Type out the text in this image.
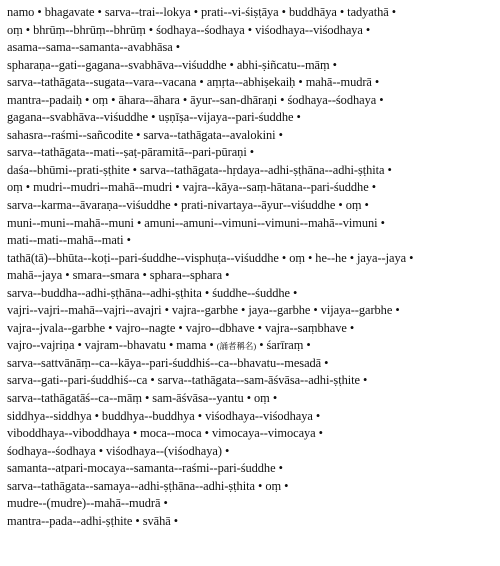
namo • bhagavate • sarva--trai--lokya • prati--vi-śiṣṭāya • buddhāya • tadyathā •
oṃ • bhrūṃ--bhrūṃ--bhrūṃ • śodhaya--śodhaya • viśodhaya--viśodhaya •
asama--sama--samanta--avabhāsa •
spharaṇa--gati--gagana--svabhāva--viśuddhe • abhi-ṣiñcatu--māṃ •
sarva--tathāgata--sugata--vara--vacana • aṃṛta--abhiṣekaiḥ • mahā--mudrā •
mantra--padaiḥ • oṃ • āhara--āhara • āyur--san-dhāraṇi • śodhaya--śodhaya •
gagana--svabhāva--viśuddhe • uṣṇīṣa--vijaya--pari-śuddhe •
sahasra--raśmi--sañcodite • sarva--tathāgata--avalokini •
sarva--tathāgata--mati--ṣaṭ-pāramitā--pari-pūraṇi •
daśa--bhūmi--prati-ṣṭhite • sarva--tathāgata--hṛdaya--adhi-ṣṭhāna--adhi-ṣṭhita •
oṃ • mudri--mudri--mahā--mudri • vajra--kāya--saṃ-hātana--pari-śuddhe •
sarva--karma--āvaraṇa--viśuddhe • prati-nivartaya--āyur--viśuddhe • oṃ •
muni--muni--mahā--muni • amuni--amuni--vimuni--vimuni--mahā--vimuni •
mati--mati--mahā--mati •
tathā(tā)--bhūta--koṭi--pari-śuddhe--visphuṭa--viśuddhe • oṃ • he--he • jaya--jaya •
mahā--jaya • smara--smara • sphara--sphara •
sarva--buddha--adhi-ṣṭhāna--adhi-ṣṭhita • śuddhe--śuddhe •
vajri--vajri--mahā--vajri--avajri • vajra--garbhe • jaya--garbhe • vijaya--garbhe •
vajra--jvala--garbhe • vajro--nagte • vajro--dbhave • vajra--saṃbhave •
vajro--vajriṇa • vajram--bhavatu • mama • (誦者稱名) • śarīraṃ •
sarva--sattvānāṃ--ca--kāya--pari-śuddhiś--ca--bhavatu--mesadā •
sarva--gati--pari-śuddhiś--ca • sarva--tathāgata--sam-āśvāsa--adhi-ṣṭhite •
sarva--tathāgatāś--ca--māṃ • sam-āśvāsa--yantu • oṃ •
siddhya--siddhya • buddhya--buddhya • viśodhaya--viśodhaya •
viboddhaya--viboddhaya • moca--moca • vimocaya--vimocaya •
śodhaya--śodhaya • viśodhaya--(viśodhaya) •
samanta--atpari-mocaya--samanta--raśmi--pari-śuddhe •
sarva--tathāgata--samaya--adhi-ṣṭhāna--adhi-ṣṭhita • oṃ •
mudre--(mudre)--mahā--mudrā •
mantra--pada--adhi-ṣṭhite • svāhā •
